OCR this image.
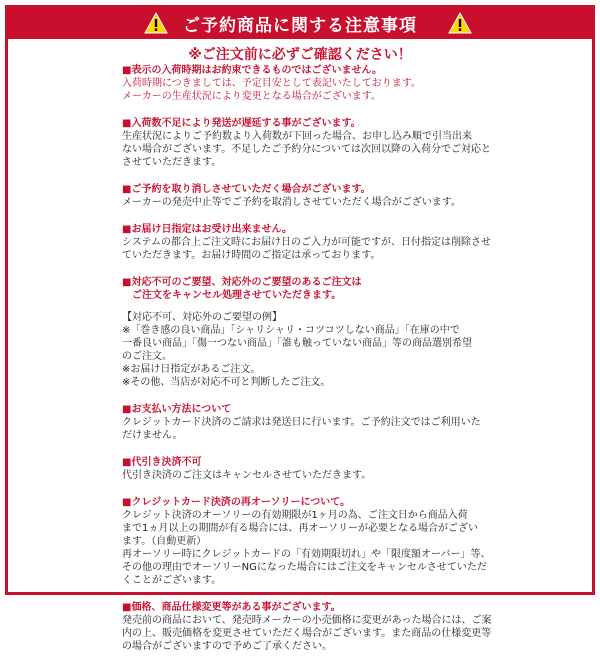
ご予約商品に関する注意事項
※ご注文前に必ずご確認ください！
■表示の入荷時期はお約束できるものではございません。
入荷時期につきましては、予定目安として表記いたしております。
メーカーの生産状況により変更となる場合がございます。
■入荷数不足により発送が遅延する事がございます。
生産状況によりご予約数より入荷数が下回った場合、お申し込み順で引当出来
ない場合がございます。不足したご予約分については次回以降の入荷分でご対応と
させていただきます。
■ご予約を取り消しさせていただく場合がございます。
メーカーの発売中止等でご予約を取消しさせていただく場合がございます。
■お届け日指定はお受け出来ません。
システムの都合上ご注文時にお届け日のご入力が可能ですが、日付指定は削除させ
ていただきます。お届け時間のご指定は承っております。
■対応不可のご要望、対応外のご要望のあるご注文は
　ご注文をキャンセル処理させていただきます。
【対応不可、対応外のご要望の例】
※「巻き感の良い商品」「シャリシャリ・コツコツしない商品」「在庫の中で
一番良い商品」「傷一つない商品」「誰も触っていない商品」等の商品選別希望
のご注文。
※お届け日指定があるご注文。
※その他、当店が対応不可と判断したご注文。
■お支払い方法について
クレジットカード決済のご請求は発送日に行います。ご予約注文ではご利用いた
だけません。
■代引き決済不可
代引き決済のご注文はキャンセルさせていただきます。
■クレジットカード決済の再オーソリーについて。
クレジット決済のオーソリーの有効期限が1ヶ月の為、ご注文日から商品入荷
まで1ヵ月以上の期間が有る場合には、再オーソリーが必要となる場合がござい
ます。（自動更新）
再オーソリー時にクレジットカードの「有効期限切れ」や「限度額オーバー」等、
その他の理由でオーソリーNGになった場合にはご注文をキャンセルさせていただ
くことがございます。
■価格、商品仕様変更等がある事がございます。
発売前の商品において、発売時メーカーの小売価格に変更があった場合には、ご案
内の上、販売価格を変更させていただく場合がございます。また商品の仕様変更等
の場合がございますので予めご了承ください。
